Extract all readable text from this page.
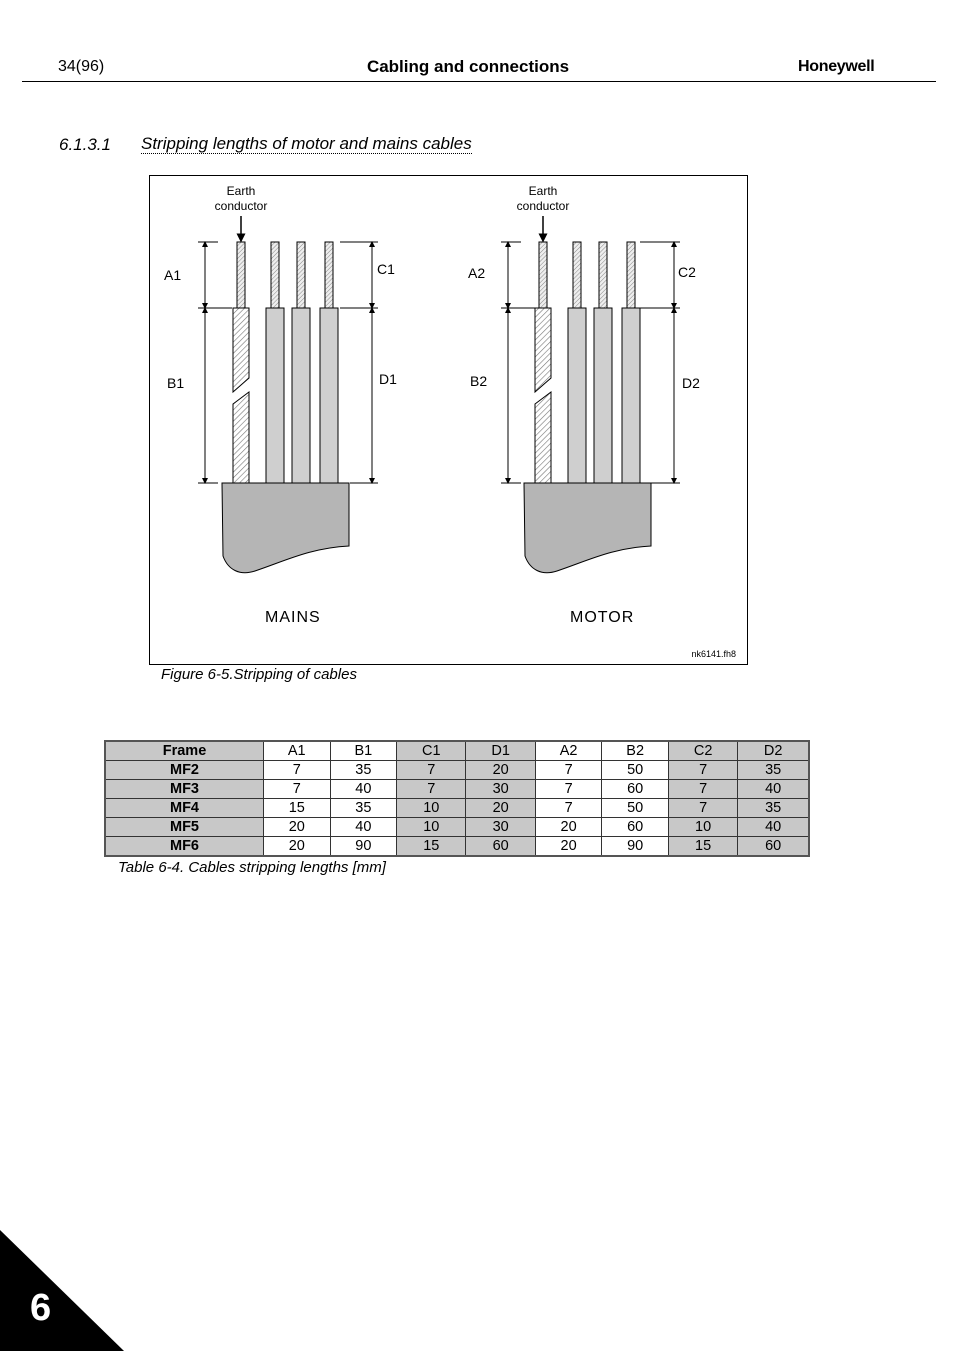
34(96)	Cabling and connections	Honeywell
6.1.3.1 Stripping lengths of motor and mains cables
Earth
conductor
A1
B1
C1
D1
MAINS
Earth
conductor
A2
B2
C2
D2
MOTOR
nk6141.fh8
Figure 6-5.Stripping of cables
Frame	A1	B1	C1	D1	A2	B2	C2	D2
MF2	7	35	7	20	7	50	7	35
MF3	7	40	7	30	7	60	7	40
MF4	15	35	10	20	7	50	7	35
MF5	20	40	10	30	20	60	10	40
MF6	20	90	15	60	20	90	15	60
Table 6-4. Cables stripping lengths [mm]
6
